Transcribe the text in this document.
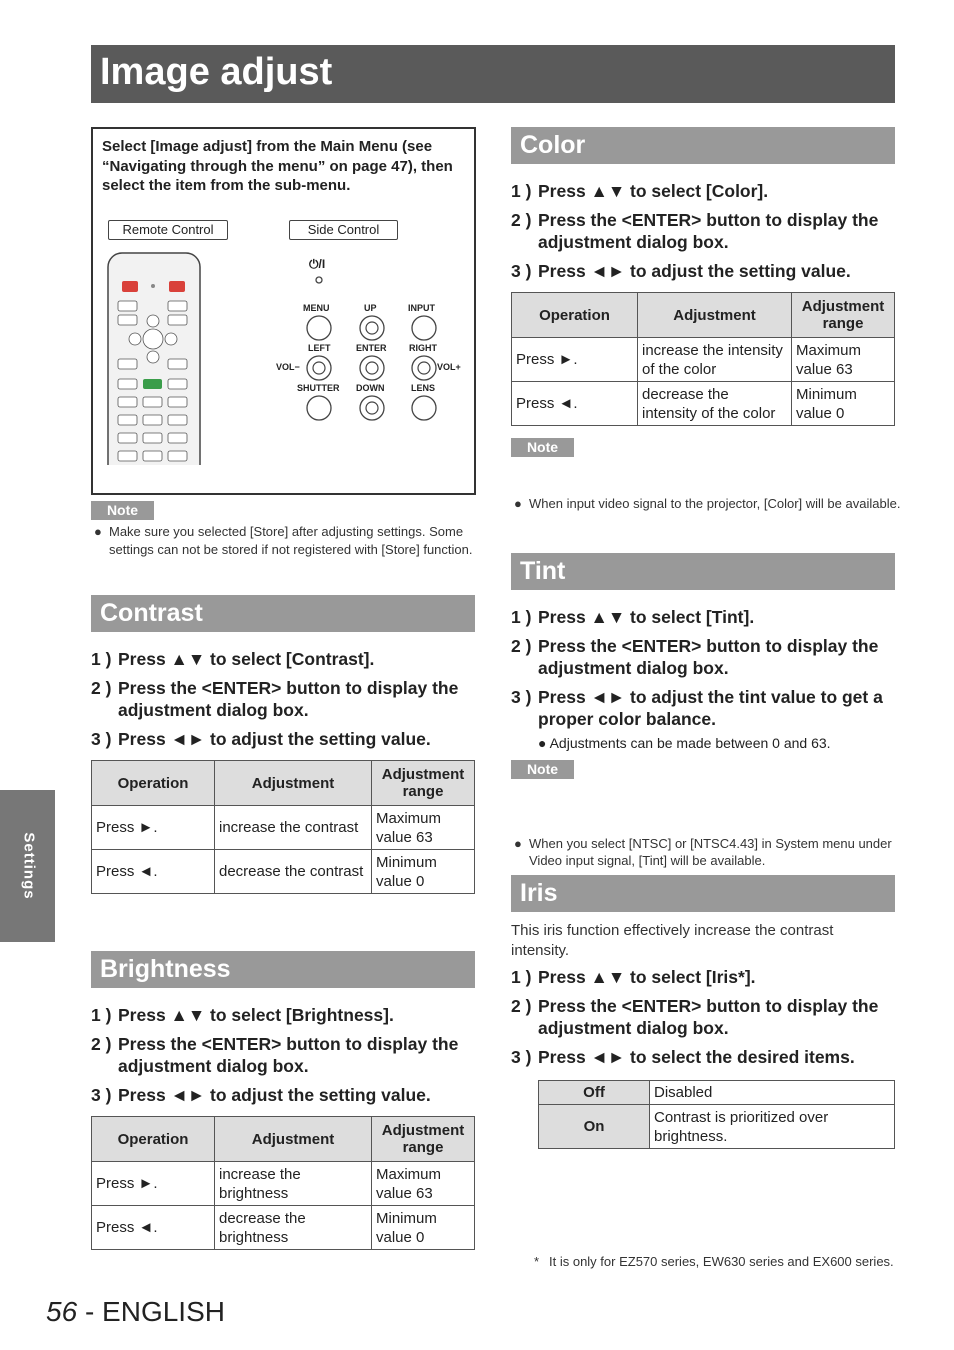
Image adjust
Settings
Select [Image adjust] from the Main Menu (see “Navigating through the menu” on page 47), then select the item from the sub-menu.
Remote Control	Side Control
⏻/I
MENU	UP	INPUT
LEFT	ENTER RIGHT
VOL−	VOL+
SHUTTER DOWN	LENS
Note
● Make sure you selected [Store] after adjusting settings. Some settings can not be stored if not registered with [Store] function.
Contrast
1 ) Press ▲▼ to select [Contrast].
2 ) Press the <ENTER> button to display the adjustment dialog box.
3 ) Press ◄► to adjust the setting value.
Operation	Adjustment	Adjustment range
Press ►.	increase the contrast	Maximum value 63
Press ◄.	decrease the contrast	Minimum value 0
Brightness
1 ) Press ▲▼ to select [Brightness].
2 ) Press the <ENTER> button to display the adjustment dialog box.
3 ) Press ◄► to adjust the setting value.
Operation	Adjustment	Adjustment range
Press ►.	increase the brightness	Maximum value 63
Press ◄.	decrease the brightness	Minimum value 0
Color
1 ) Press ▲▼ to select [Color].
2 ) Press the <ENTER> button to display the adjustment dialog box.
3 ) Press ◄► to adjust the setting value.
Operation	Adjustment	Adjustment range
Press ►.	increase the intensity of the color	Maximum value 63
Press ◄.	decrease the intensity of the color	Minimum value 0
Note
● When input video signal to the projector, [Color] will be available.
Tint
1 ) Press ▲▼ to select [Tint].
2 ) Press the <ENTER> button to display the adjustment dialog box.
3 ) Press ◄► to adjust the tint value to get a proper color balance.
● Adjustments can be made between 0 and 63.
Note
● When you select [NTSC] or [NTSC4.43] in System menu under Video input signal, [Tint] will be available.
Iris
This iris function effectively increase the contrast intensity.
1 ) Press ▲▼ to select [Iris*].
2 ) Press the <ENTER> button to display the adjustment dialog box.
3 ) Press ◄► to select the desired items.
Off	Disabled
On	Contrast is prioritized over brightness.
* It is only for EZ570 series, EW630 series and EX600 series.
56 - ENGLISH
